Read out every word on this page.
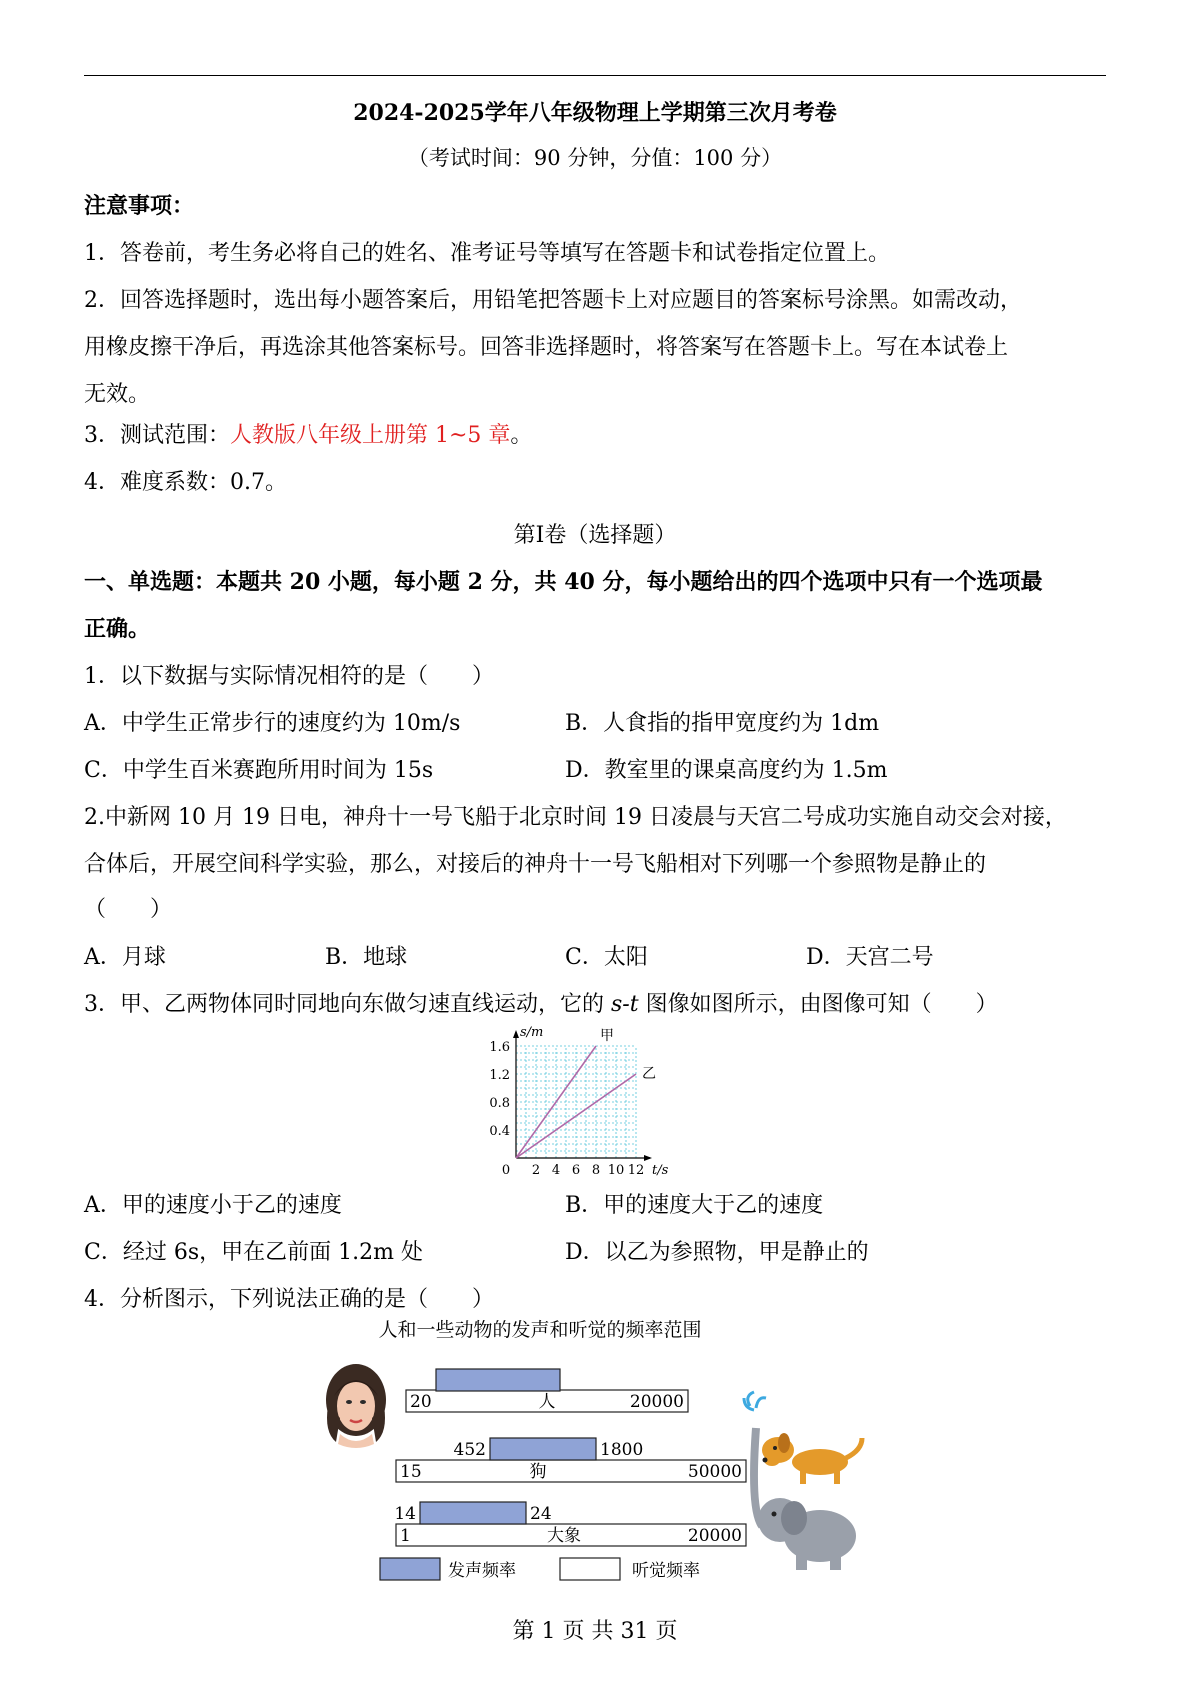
2024-2025学年八年级物理上学期第三次月考卷
（考试时间：90 分钟，分值：100 分）
注意事项：
1．答卷前，考生务必将自己的姓名、准考证号等填写在答题卡和试卷指定位置上。
2．回答选择题时，选出每小题答案后，用铅笔把答题卡上对应题目的答案标号涂黑。如需改动，
用橡皮擦干净后，再选涂其他答案标号。回答非选择题时，将答案写在答题卡上。写在本试卷上
无效。
3．测试范围：人教版八年级上册第 1~5 章。
4．难度系数：0.7。
第Ⅰ卷（选择题）
一、单选题：本题共 20 小题，每小题 2 分，共 40 分，每小题给出的四个选项中只有一个选项最
正确。
1．以下数据与实际情况相符的是（　　）
A．中学生正常步行的速度约为 10m/s	B．人食指的指甲宽度约为 1dm
C．中学生百米赛跑所用时间为 15s	D．教室里的课桌高度约为 1.5m
2.中新网 10 月 19 日电，神舟十一号飞船于北京时间 19 日凌晨与天宫二号成功实施自动交会对接，
合体后，开展空间科学实验，那么，对接后的神舟十一号飞船相对下列哪一个参照物是静止的
（　　）
A．月球	B．地球	C．太阳	D．天宫二号
3．甲、乙两物体同时同地向东做匀速直线运动，它的 s-t 图像如图所示，由图像可知（　　）
甲
乙
0 2 4 6 8 10 12
0.4
0.8
1.2
1.6
t/s
s/m
A．甲的速度小于乙的速度	B．甲的速度大于乙的速度
C．经过 6s，甲在乙前面 1.2m 处	D．以乙为参照物，甲是静止的
4．分析图示，下列说法正确的是（　　）
人和一些动物的发声和听觉的频率范围
20	20000
人
15	50000
狗
452	1800
1	20000
大象
14	24
发声频率	听觉频率
第 1 页 共 31 页
